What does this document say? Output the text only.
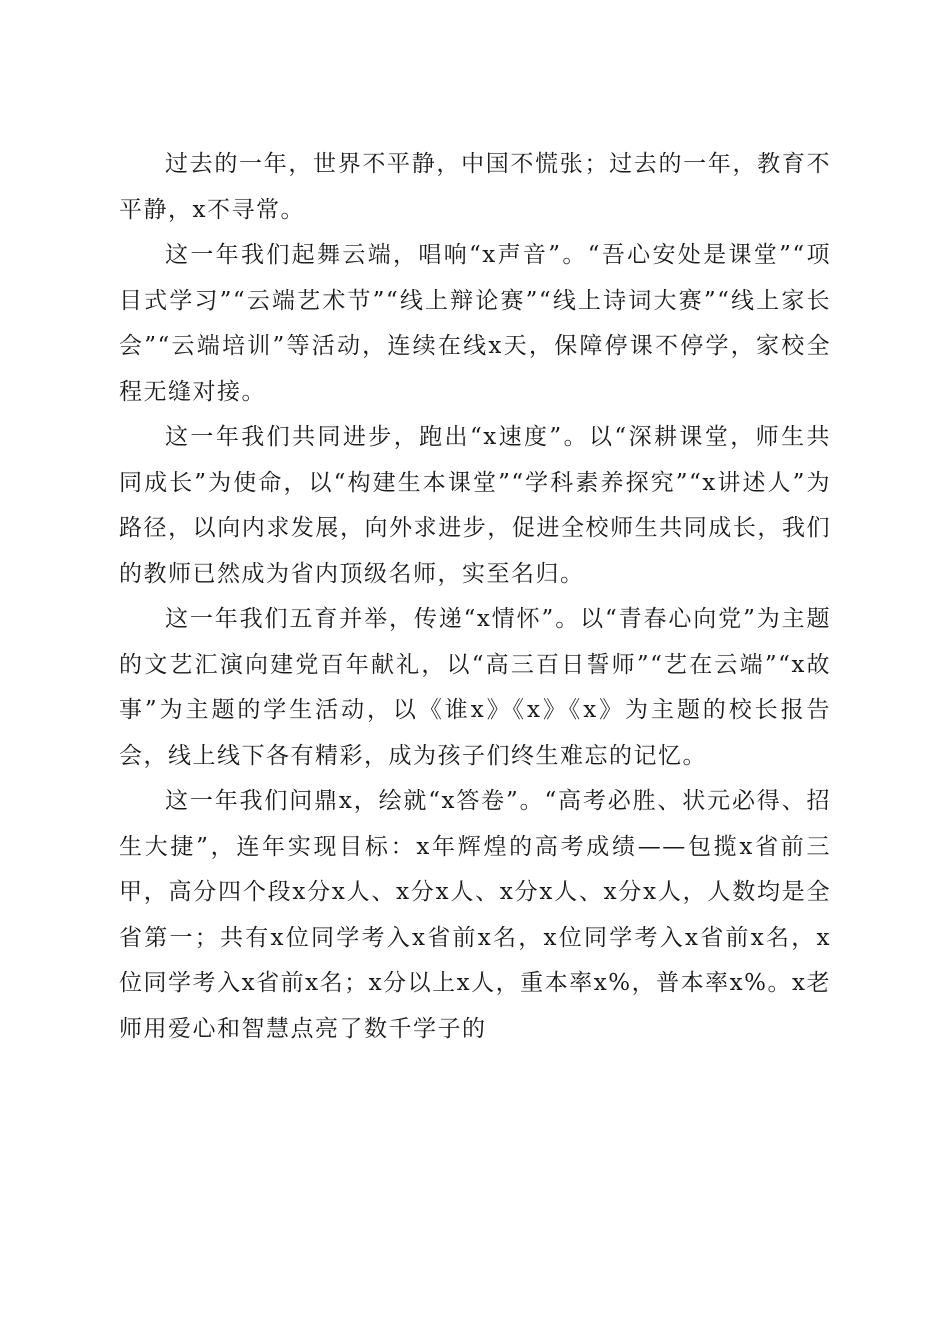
过去的一年，世界不平静，中国不慌张；过去的一年，教育不平静，x不寻常。

这一年我们起舞云端，唱响“x声音”。“吾心安处是课堂”“项目式学习”“云端艺术节”“线上辩论赛”“线上诗词大赛”“线上家长会”“云端培训”等活动，连续在线x天，保障停课不停学，家校全程无缝对接。

这一年我们共同进步，跑出“x速度”。以“深耕课堂，师生共同成长”为使命，以“构建生本课堂”“学科素养探究”“x讲述人”为路径，以向内求发展，向外求进步，促进全校师生共同成长，我们的教师已然成为省内顶级名师，实至名归。

这一年我们五育并举，传递“x情怀”。以“青春心向党”为主题的文艺汇演向建党百年献礼，以“高三百日誓师”“艺在云端”“x故事”为主题的学生活动，以《谁x》《x》《x》为主题的校长报告会，线上线下各有精彩，成为孩子们终生难忘的记忆。

这一年我们问鼎x，绘就“x答卷”。“高考必胜、状元必得、招生大捷”，连年实现目标：x年辉煌的高考成绩——包揽x省前三甲，高分四个段x分x人、x分x人、x分x人、x分x人，人数均是全省第一；共有x位同学考入x省前x名，x位同学考入x省前x名，x位同学考入x省前x名；x分以上x人，重本率x%，普本率x%。x老师用爱心和智慧点亮了数千学子的
